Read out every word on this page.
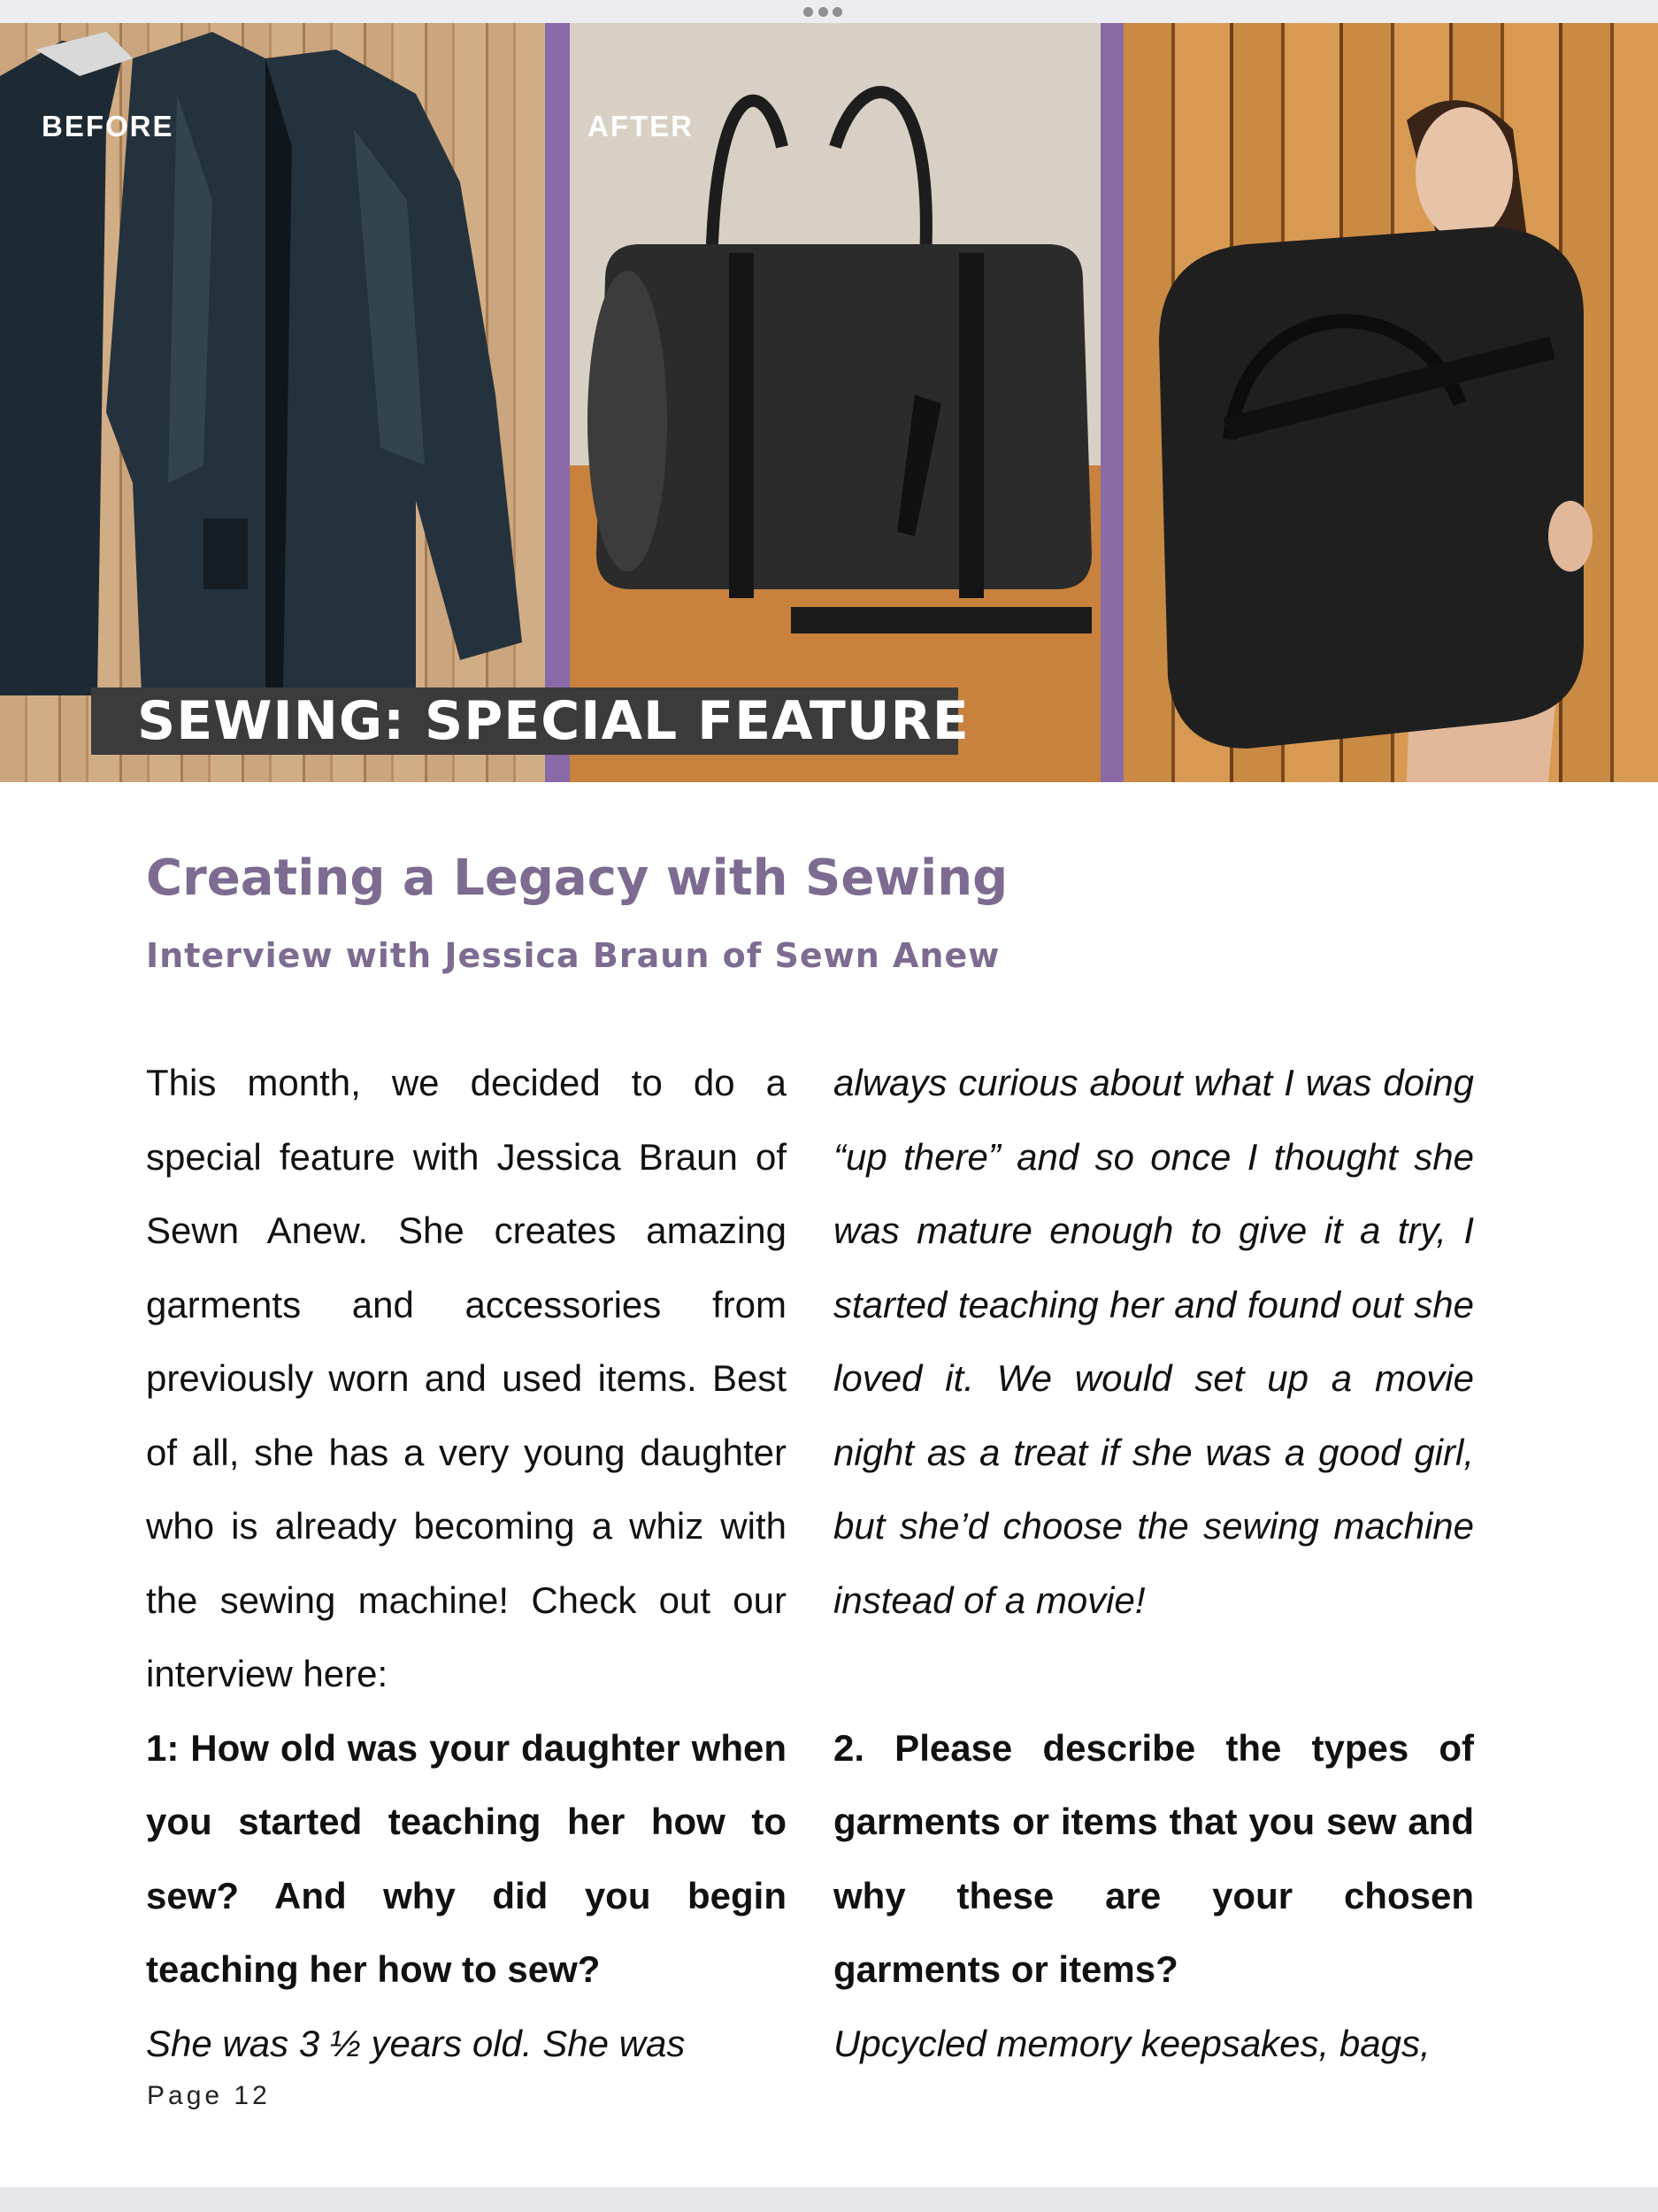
BEFORE	AFTER
SEWING: SPECIAL FEATURE
Creating a Legacy with Sewing
Interview with Jessica Braun of Sewn Anew

This month, we decided to do a special feature with Jessica Braun of Sewn Anew. She creates amazing garments and accessories from previously worn and used items. Best of all, she has a very young daughter who is already becoming a whiz with the sewing machine! Check out our interview here:

1: How old was your daughter when you started teaching her how to sew? And why did you begin teaching her how to sew?

She was 3 ½ years old. She was

always curious about what I was doing “up there” and so once I thought she was mature enough to give it a try, I started teaching her and found out she loved it. We would set up a movie night as a treat if she was a good girl, but she’d choose the sewing machine instead of a movie!

2. Please describe the types of garments or items that you sew and why these are your chosen garments or items?

Upcycled memory keepsakes, bags,

Page 12
